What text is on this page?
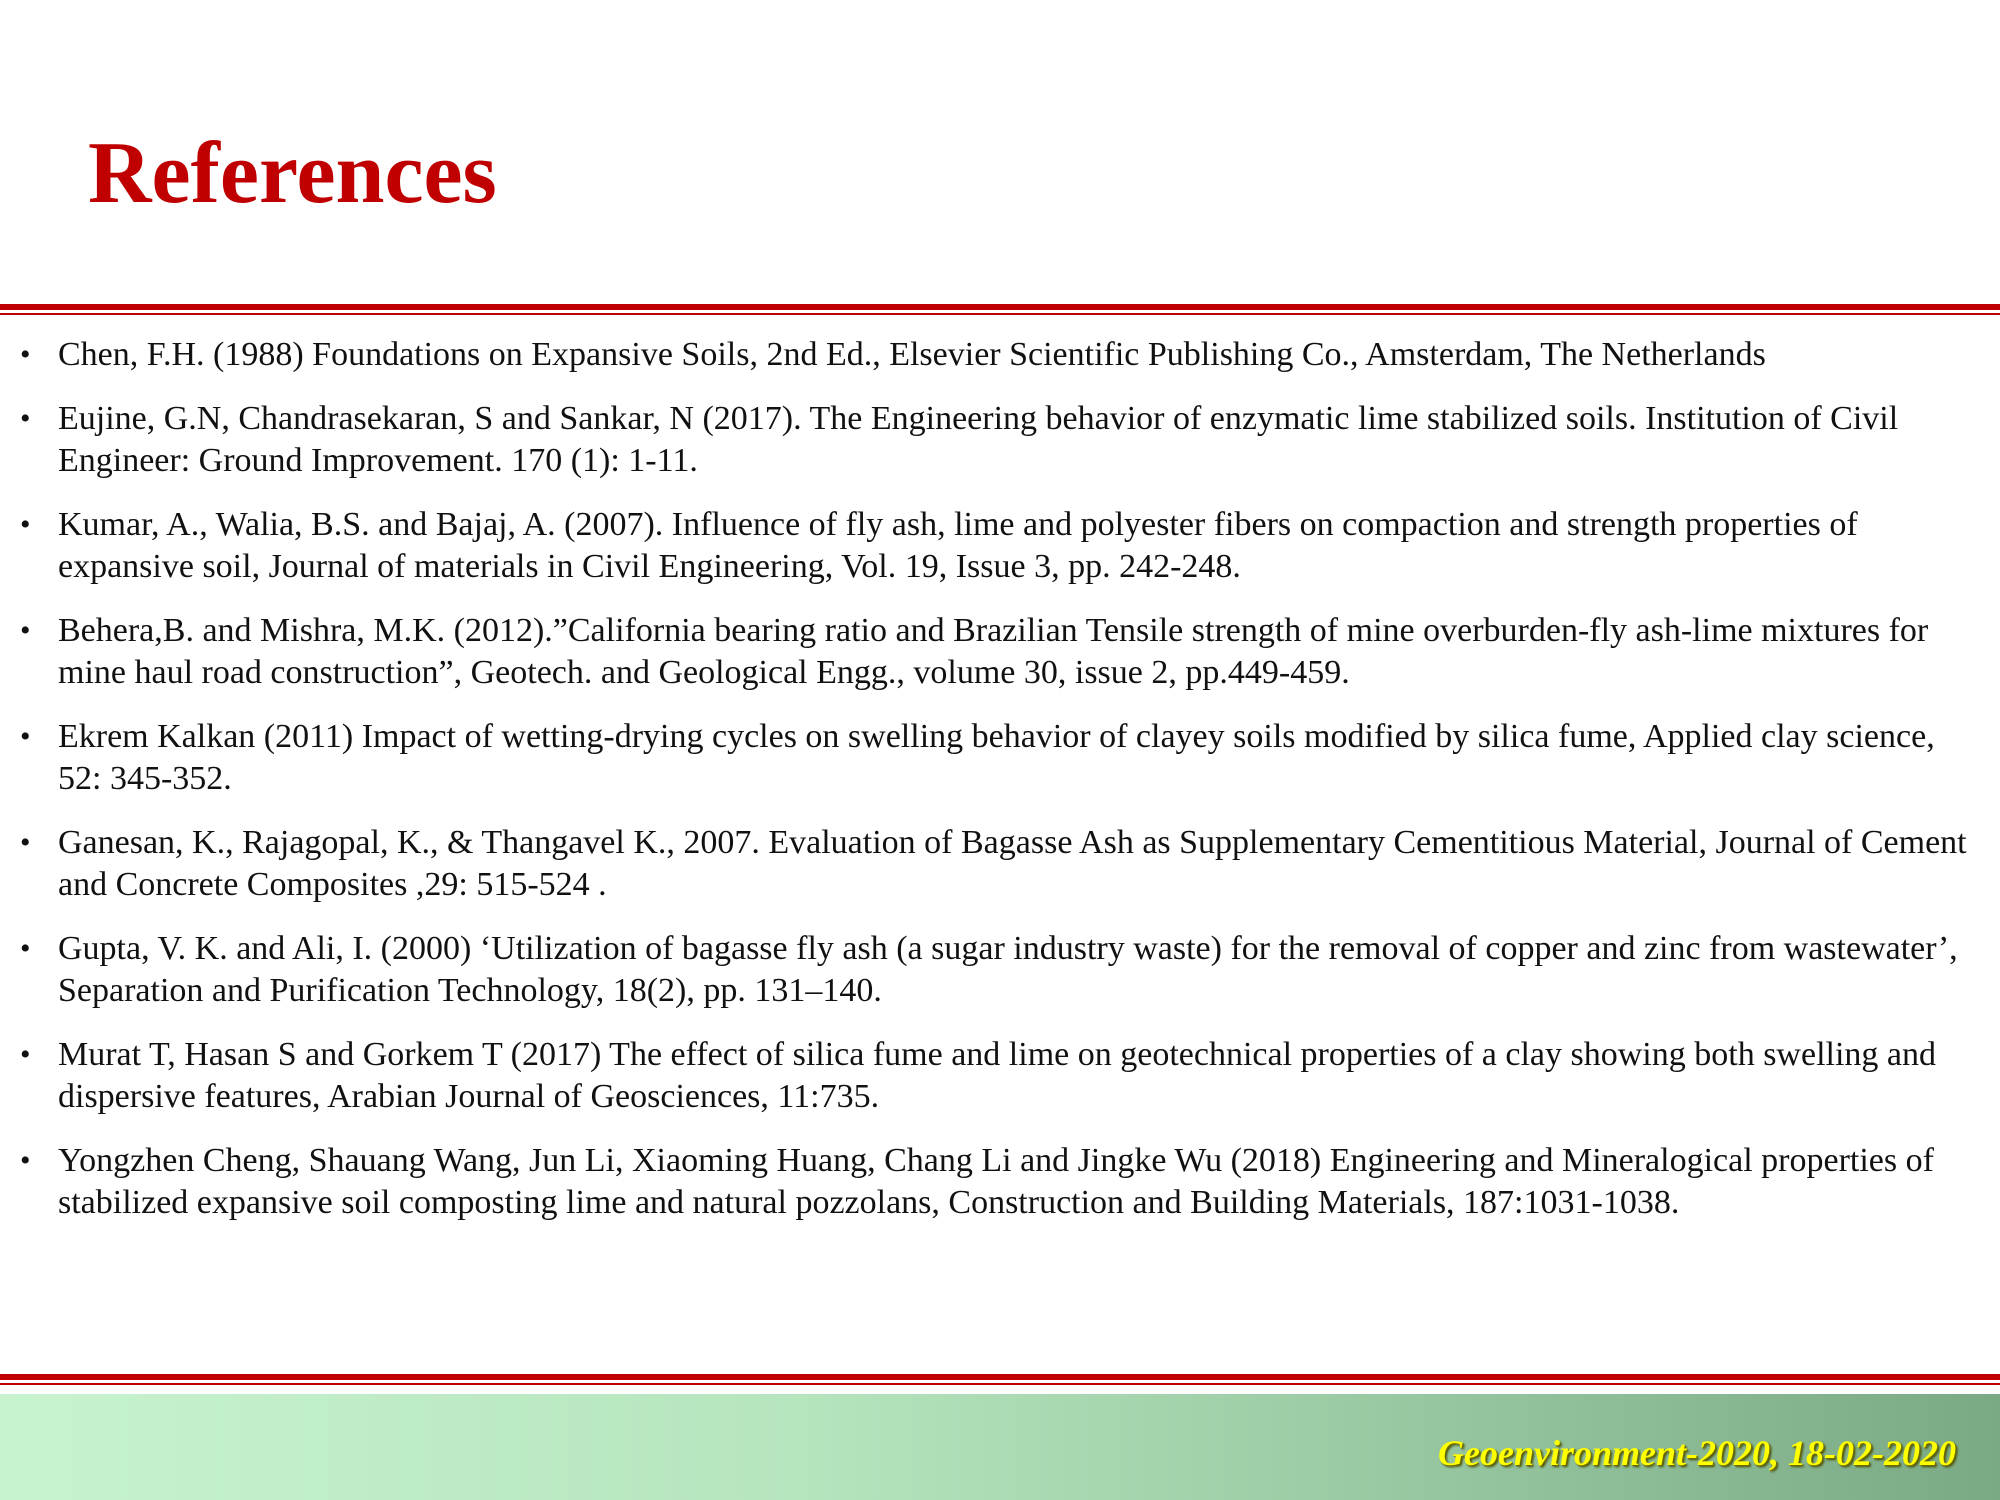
References
• Chen, F.H. (1988) Foundations on Expansive Soils, 2nd Ed., Elsevier Scientific Publishing Co., Amsterdam, The Netherlands
• Eujine, G.N, Chandrasekaran, S and Sankar, N (2017). The Engineering behavior of enzymatic lime stabilized soils. Institution of Civil Engineer: Ground Improvement. 170 (1): 1-11.
• Kumar, A., Walia, B.S. and Bajaj, A. (2007). Influence of fly ash, lime and polyester fibers on compaction and strength properties of expansive soil, Journal of materials in Civil Engineering, Vol. 19, Issue 3, pp. 242-248.
• Behera,B. and Mishra, M.K. (2012).”California bearing ratio and Brazilian Tensile strength of mine overburden-fly ash-lime mixtures for mine haul road construction”, Geotech. and Geological Engg., volume 30, issue 2, pp.449-459.
• Ekrem Kalkan (2011) Impact of wetting-drying cycles on swelling behavior of clayey soils modified by silica fume, Applied clay science, 52: 345-352.
• Ganesan, K., Rajagopal, K., & Thangavel K., 2007. Evaluation of Bagasse Ash as Supplementary Cementitious Material, Journal of Cement and Concrete Composites ,29: 515-524 .
• Gupta, V. K. and Ali, I. (2000) ‘Utilization of bagasse fly ash (a sugar industry waste) for the removal of copper and zinc from wastewater’, Separation and Purification Technology, 18(2), pp. 131–140.
• Murat T, Hasan S and Gorkem T (2017) The effect of silica fume and lime on geotechnical properties of a clay showing both swelling and dispersive features, Arabian Journal of Geosciences, 11:735.
• Yongzhen Cheng, Shauang Wang, Jun Li, Xiaoming Huang, Chang Li and Jingke Wu (2018) Engineering and Mineralogical properties of stabilized expansive soil composting lime and natural pozzolans, Construction and Building Materials, 187:1031-1038.

Geoenvironment-2020, 18-02-2020
